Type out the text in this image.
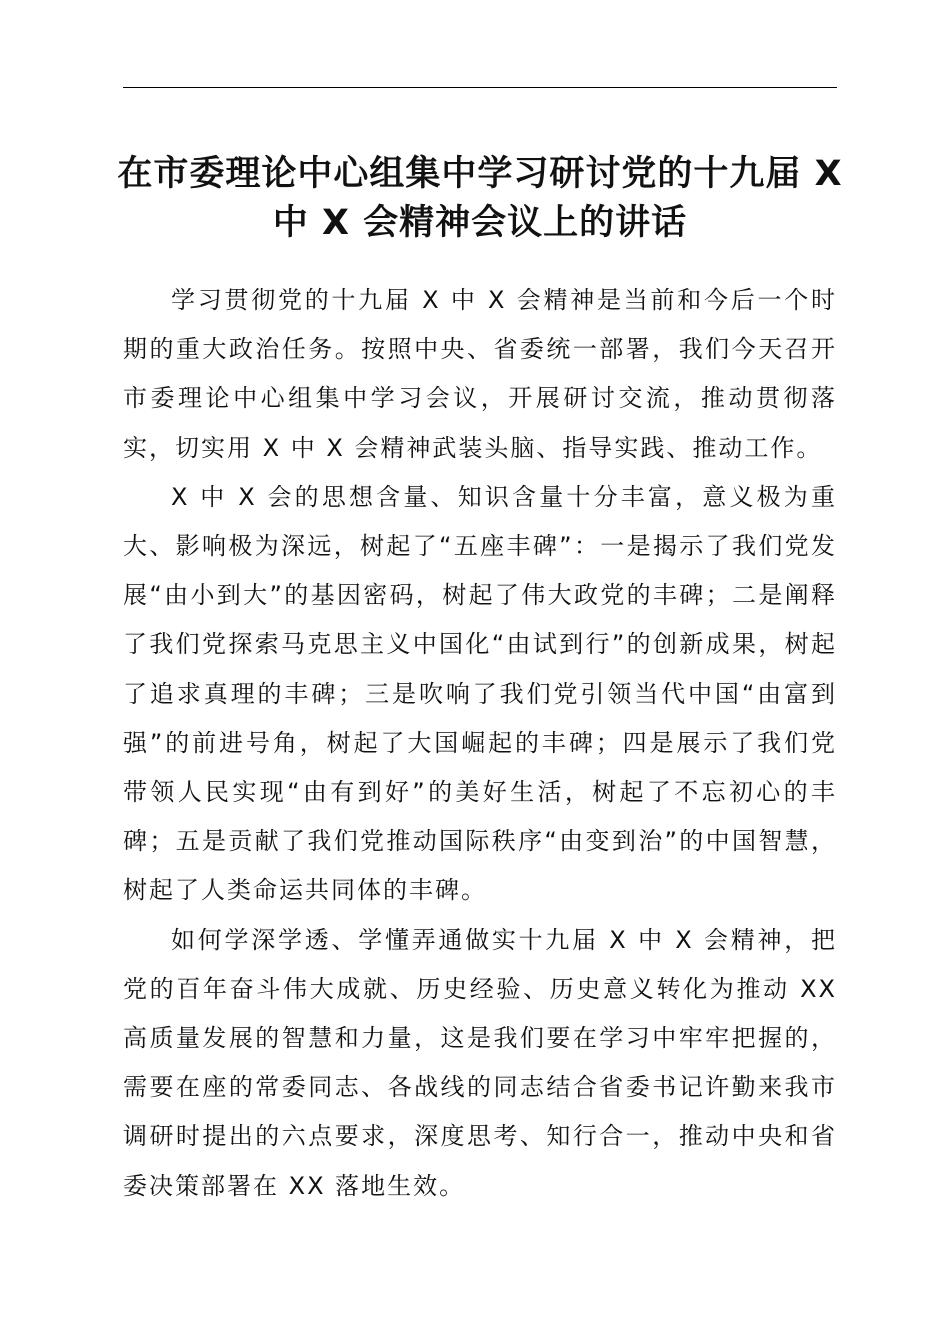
在市委理论中心组集中学习研讨党的十九届 X 中 X 会精神会议上的讲话

学习贯彻党的十九届 X 中 X 会精神是当前和今后一个时期的重大政治任务。按照中央、省委统一部署，我们今天召开市委理论中心组集中学习会议，开展研讨交流，推动贯彻落实，切实用 X 中 X 会精神武装头脑、指导实践、推动工作。

X 中 X 会的思想含量、知识含量十分丰富，意义极为重大、影响极为深远，树起了“五座丰碑”：一是揭示了我们党发展“由小到大”的基因密码，树起了伟大政党的丰碑；二是阐释了我们党探索马克思主义中国化“由试到行”的创新成果，树起了追求真理的丰碑；三是吹响了我们党引领当代中国“由富到强”的前进号角，树起了大国崛起的丰碑；四是展示了我们党带领人民实现“由有到好”的美好生活，树起了不忘初心的丰碑；五是贡献了我们党推动国际秩序“由变到治”的中国智慧，树起了人类命运共同体的丰碑。

如何学深学透、学懂弄通做实十九届 X 中 X 会精神，把党的百年奋斗伟大成就、历史经验、历史意义转化为推动 XX 高质量发展的智慧和力量，这是我们要在学习中牢牢把握的，需要在座的常委同志、各战线的同志结合省委书记许勤来我市调研时提出的六点要求，深度思考、知行合一，推动中央和省委决策部署在 XX 落地生效。
